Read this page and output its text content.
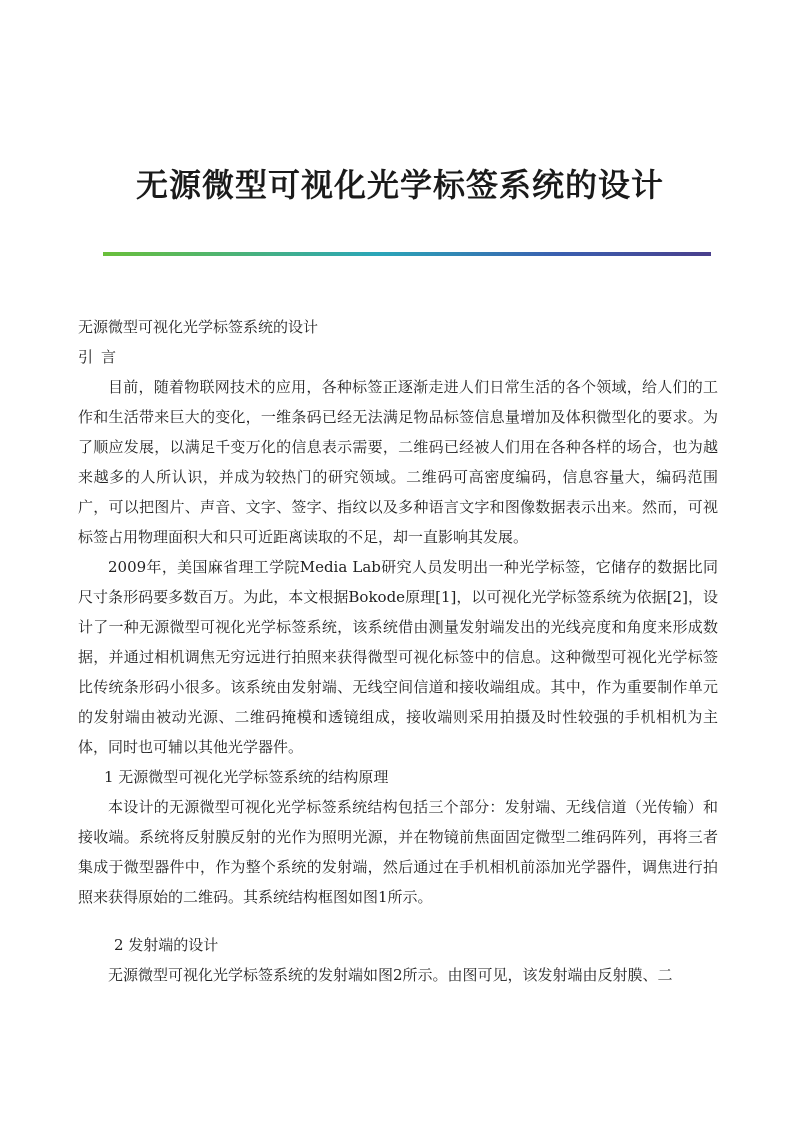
无源微型可视化光学标签系统的设计

无源微型可视化光学标签系统的设计

引言

目前，随着物联网技术的应用，各种标签正逐渐走进人们日常生活的各个领域，给人们的工作和生活带来巨大的变化，一维条码已经无法满足物品标签信息量增加及体积微型化的要求。为了顺应发展，以满足千变万化的信息表示需要，二维码已经被人们用在各种各样的场合，也为越来越多的人所认识，并成为较热门的研究领域。二维码可高密度编码，信息容量大，编码范围广，可以把图片、声音、文字、签字、指纹以及多种语言文字和图像数据表示出来。然而，可视标签占用物理面积大和只可近距离读取的不足，却一直影响其发展。

2009年，美国麻省理工学院Media Lab研究人员发明出一种光学标签，它储存的数据比同尺寸条形码要多数百万。为此，本文根据Bokode原理[1]，以可视化光学标签系统为依据[2]，设计了一种无源微型可视化光学标签系统，该系统借由测量发射端发出的光线亮度和角度来形成数据，并通过相机调焦无穷远进行拍照来获得微型可视化标签中的信息。这种微型可视化光学标签比传统条形码小很多。该系统由发射端、无线空间信道和接收端组成。其中，作为重要制作单元的发射端由被动光源、二维码掩模和透镜组成，接收端则采用拍摄及时性较强的手机相机为主体，同时也可辅以其他光学器件。

1 无源微型可视化光学标签系统的结构原理

本设计的无源微型可视化光学标签系统结构包括三个部分：发射端、无线信道（光传输）和接收端。系统将反射膜反射的光作为照明光源，并在物镜前焦面固定微型二维码阵列，再将三者集成于微型器件中，作为整个系统的发射端，然后通过在手机相机前添加光学器件，调焦进行拍照来获得原始的二维码。其系统结构框图如图1所示。

2 发射端的设计

无源微型可视化光学标签系统的发射端如图2所示。由图可见，该发射端由反射膜、二
